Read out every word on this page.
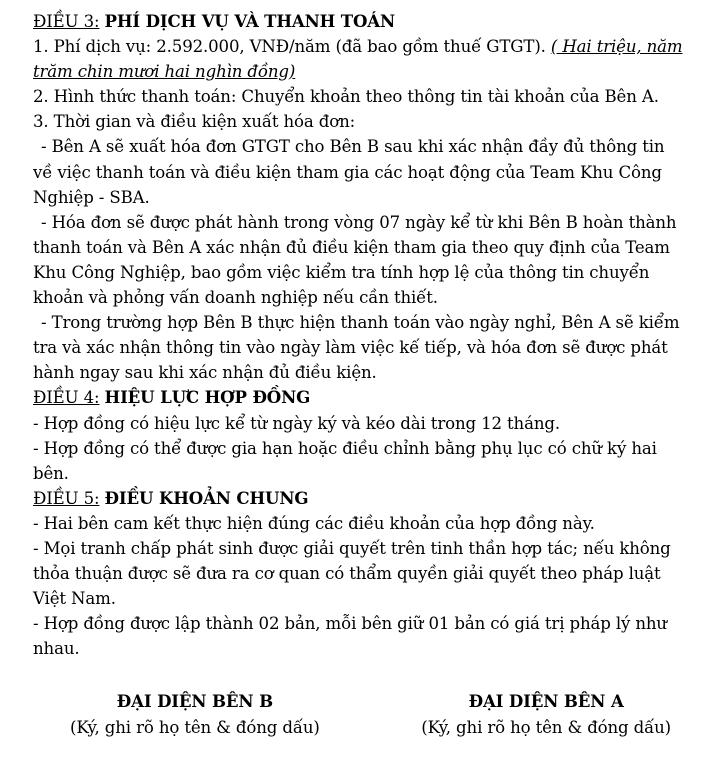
ĐIỀU 3: PHÍ DỊCH VỤ VÀ THANH TOÁN
1. Phí dịch vụ: 2.592.000, VNĐ/năm (đã bao gồm thuế GTGT). ( Hai triệu, năm trăm chin mươi hai nghìn đồng)
2. Hình thức thanh toán: Chuyển khoản theo thông tin tài khoản của Bên A.
3. Thời gian và điều kiện xuất hóa đơn:
- Bên A sẽ xuất hóa đơn GTGT cho Bên B sau khi xác nhận đầy đủ thông tin về việc thanh toán và điều kiện tham gia các hoạt động của Team Khu Công Nghiệp - SBA.
- Hóa đơn sẽ được phát hành trong vòng 07 ngày kể từ khi Bên B hoàn thành thanh toán và Bên A xác nhận đủ điều kiện tham gia theo quy định của Team Khu Công Nghiệp, bao gồm việc kiểm tra tính hợp lệ của thông tin chuyển khoản và phỏng vấn doanh nghiệp nếu cần thiết.
- Trong trường hợp Bên B thực hiện thanh toán vào ngày nghỉ, Bên A sẽ kiểm tra và xác nhận thông tin vào ngày làm việc kế tiếp, và hóa đơn sẽ được phát hành ngay sau khi xác nhận đủ điều kiện.
ĐIỀU 4: HIỆU LỰC HỢP ĐỒNG
- Hợp đồng có hiệu lực kể từ ngày ký và kéo dài trong 12 tháng.
- Hợp đồng có thể được gia hạn hoặc điều chỉnh bằng phụ lục có chữ ký hai bên.
ĐIỀU 5: ĐIỀU KHOẢN CHUNG
- Hai bên cam kết thực hiện đúng các điều khoản của hợp đồng này.
- Mọi tranh chấp phát sinh được giải quyết trên tinh thần hợp tác; nếu không thỏa thuận được sẽ đưa ra cơ quan có thẩm quyền giải quyết theo pháp luật Việt Nam.
- Hợp đồng được lập thành 02 bản, mỗi bên giữ 01 bản có giá trị pháp lý như nhau.
ĐẠI DIỆN BÊN B
(Ký, ghi rõ họ tên & đóng dấu)
ĐẠI DIỆN BÊN A
(Ký, ghi rõ họ tên & đóng dấu)
